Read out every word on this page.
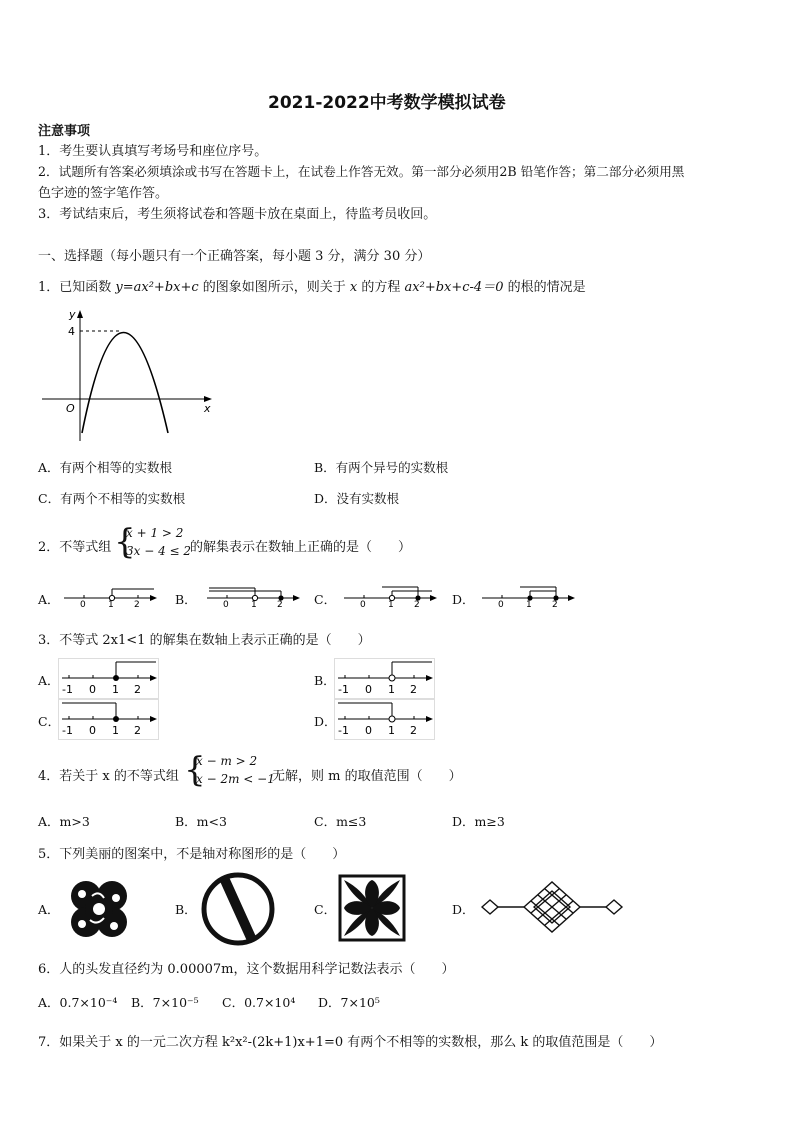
2021-2022中考数学模拟试卷
注意事项
1．考生要认真填写考场号和座位序号。
2．试题所有答案必须填涂或书写在答题卡上，在试卷上作答无效。第一部分必须用2B 铅笔作答；第二部分必须用黑
色字迹的签字笔作答。
3．考试结束后，考生须将试卷和答题卡放在桌面上，待监考员收回。
一、选择题（每小题只有一个正确答案，每小题 3 分，满分 30 分）
1．已知函数 y=ax²+bx+c 的图象如图所示，则关于 x 的方程 ax²+bx+c-4＝0 的根的情况是
y
x
O
4
A．有两个相等的实数根	B．有两个异号的实数根
C．有两个不相等的实数根	D．没有实数根
2．不等式组 {
x + 1 > 2
3x − 4 ≤ 2
的解集表示在数轴上正确的是（　　）
A． 0 1 2	B．	0 1 2	C．	0 1 2	D．	0 1 2
3．不等式 2x1<1 的解集在数轴上表示正确的是（　　）
A．
-1 0 1 2
B．
-1 0 1 2
C．
-1 0 1 2
D．
-1 0 1 2
4．若关于 x 的不等式组 {
x − m > 2
x − 2m < −1
无解，则 m 的取值范围（　　）
A．m>3	B．m<3	C．m≤3	D．m≥3
5．下列美丽的图案中，不是轴对称图形的是（　　）
A．	B．	C．	D．
6．人的头发直径约为 0.00007m，这个数据用科学记数法表示（　　）
A．0.7×10⁻⁴ B．7×10⁻⁵ C．0.7×10⁴ D．7×10⁵
7．如果关于 x 的一元二次方程 k²x²-(2k+1)x+1=0 有两个不相等的实数根，那么 k 的取值范围是（　　）
